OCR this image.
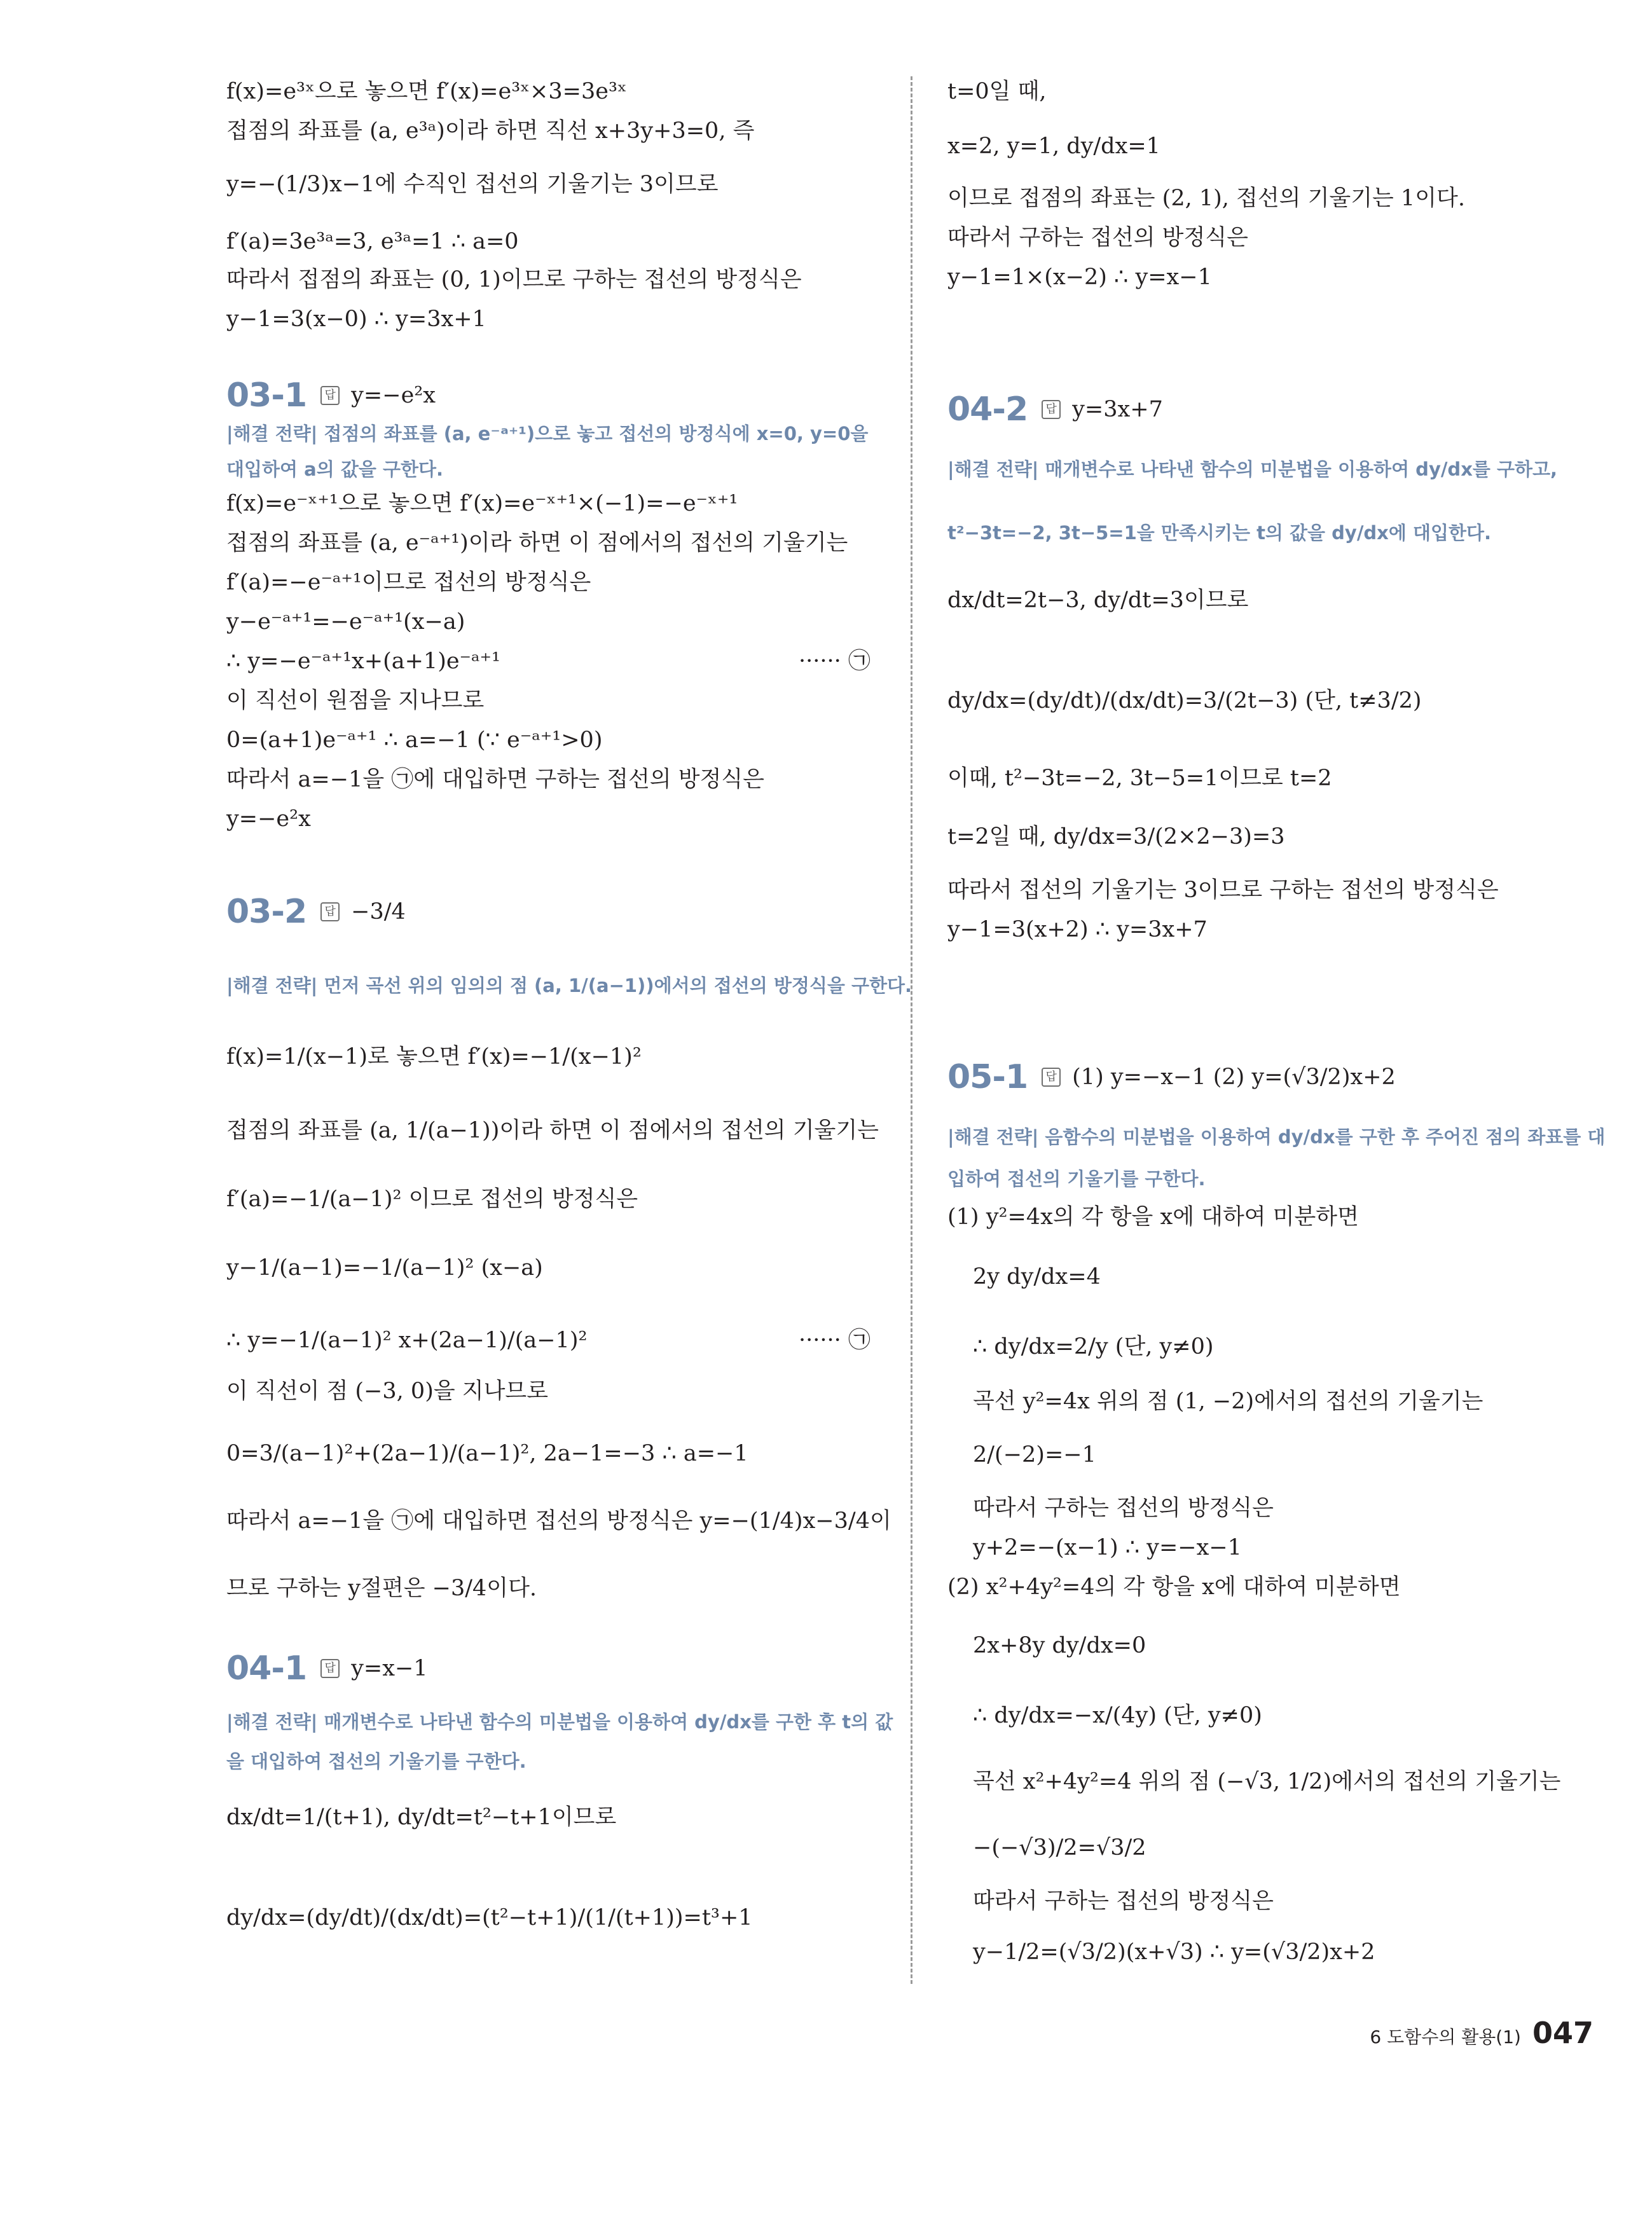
f(x)=e³ˣ으로 놓으면 f′(x)=e³ˣ×3=3e³ˣ
접점의 좌표를 (a, e³ᵃ)이라 하면 직선 x+3y+3=0, 즉
y=−(1/3)x−1에 수직인 접선의 기울기는 3이므로
f′(a)=3e³ᵃ=3, e³ᵃ=1 ∴ a=0
따라서 접점의 좌표는 (0, 1)이므로 구하는 접선의 방정식은
y−1=3(x−0) ∴ y=3x+1
03-1	답 y=−e²x
|해결 전략| 접점의 좌표를 (a, e⁻ᵃ⁺¹)으로 놓고 접선의 방정식에 x=0, y=0을
대입하여 a의 값을 구한다.
f(x)=e⁻ˣ⁺¹으로 놓으면 f′(x)=e⁻ˣ⁺¹×(−1)=−e⁻ˣ⁺¹
접점의 좌표를 (a, e⁻ᵃ⁺¹)이라 하면 이 점에서의 접선의 기울기는
f′(a)=−e⁻ᵃ⁺¹이므로 접선의 방정식은
y−e⁻ᵃ⁺¹=−e⁻ᵃ⁺¹(x−a)
∴ y=−e⁻ᵃ⁺¹x+(a+1)e⁻ᵃ⁺¹	······ ㉠
이 직선이 원점을 지나므로
0=(a+1)e⁻ᵃ⁺¹ ∴ a=−1 (∵ e⁻ᵃ⁺¹>0)
따라서 a=−1을 ㉠에 대입하면 구하는 접선의 방정식은
y=−e²x
03-2	답 −3/4
|해결 전략| 먼저 곡선 위의 임의의 점 (a, 1/(a−1))에서의 접선의 방정식을 구한다.
f(x)=1/(x−1)로 놓으면 f′(x)=−1/(x−1)²
접점의 좌표를 (a, 1/(a−1))이라 하면 이 점에서의 접선의 기울기는
f′(a)=−1/(a−1)² 이므로 접선의 방정식은
y−1/(a−1)=−1/(a−1)² (x−a)
∴ y=−1/(a−1)² x+(2a−1)/(a−1)²	······ ㉠
이 직선이 점 (−3, 0)을 지나므로
0=3/(a−1)²+(2a−1)/(a−1)², 2a−1=−3 ∴ a=−1
따라서 a=−1을 ㉠에 대입하면 접선의 방정식은 y=−(1/4)x−3/4이
므로 구하는 y절편은 −3/4이다.
04-1	답 y=x−1
|해결 전략| 매개변수로 나타낸 함수의 미분법을 이용하여 dy/dx를 구한 후 t의 값
을 대입하여 접선의 기울기를 구한다.
dx/dt=1/(t+1), dy/dt=t²−t+1이므로
dy/dx=(dy/dt)/(dx/dt)=(t²−t+1)/(1/(t+1))=t³+1
t=0일 때,
x=2, y=1, dy/dx=1
이므로 접점의 좌표는 (2, 1), 접선의 기울기는 1이다.
따라서 구하는 접선의 방정식은
y−1=1×(x−2) ∴ y=x−1
04-2	답 y=3x+7
|해결 전략| 매개변수로 나타낸 함수의 미분법을 이용하여 dy/dx를 구하고,
t²−3t=−2, 3t−5=1을 만족시키는 t의 값을 dy/dx에 대입한다.
dx/dt=2t−3, dy/dt=3이므로
dy/dx=(dy/dt)/(dx/dt)=3/(2t−3) (단, t≠3/2)
이때, t²−3t=−2, 3t−5=1이므로 t=2
t=2일 때, dy/dx=3/(2×2−3)=3
따라서 접선의 기울기는 3이므로 구하는 접선의 방정식은
y−1=3(x+2) ∴ y=3x+7
05-1	답 (1) y=−x−1 (2) y=(√3/2)x+2
|해결 전략| 음함수의 미분법을 이용하여 dy/dx를 구한 후 주어진 점의 좌표를 대
입하여 접선의 기울기를 구한다.
(1) y²=4x의 각 항을 x에 대하여 미분하면
2y dy/dx=4
∴ dy/dx=2/y (단, y≠0)
곡선 y²=4x 위의 점 (1, −2)에서의 접선의 기울기는
2/(−2)=−1
따라서 구하는 접선의 방정식은
y+2=−(x−1) ∴ y=−x−1
(2) x²+4y²=4의 각 항을 x에 대하여 미분하면
2x+8y dy/dx=0
∴ dy/dx=−x/(4y) (단, y≠0)
곡선 x²+4y²=4 위의 점 (−√3, 1/2)에서의 접선의 기울기는
−(−√3)/2=√3/2
따라서 구하는 접선의 방정식은
y−1/2=(√3/2)(x+√3) ∴ y=(√3/2)x+2
6 도함수의 활용(1) 047
